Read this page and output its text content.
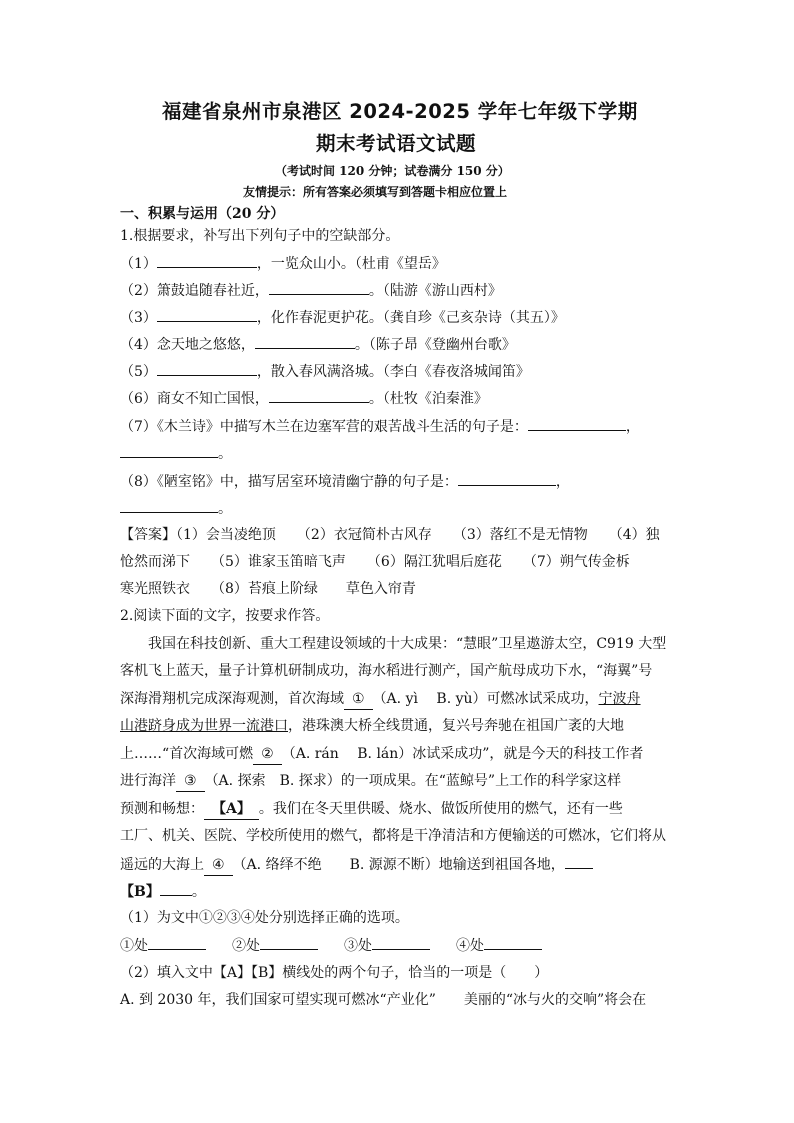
福建省泉州市泉港区 2024-2025 学年七年级下学期
期末考试语文试题
（考试时间 120 分钟；试卷满分 150 分）
友情提示：所有答案必须填写到答题卡相应位置上
一、积累与运用（20 分）
1.根据要求，补写出下列句子中的空缺部分。
（1）	，一览众山小。（杜甫《望岳》
（2）箫鼓追随春社近，	。（陆游《游山西村》
（3）	，化作春泥更护花。（龚自珍《己亥杂诗（其五）》
（4）念天地之悠悠，	。（陈子昂《登幽州台歌》
（5）	，散入春风满洛城。（李白《春夜洛城闻笛》
（6）商女不知亡国恨，	。（杜牧《泊秦淮》
（7）《木兰诗》中描写木兰在边塞军营的艰苦战斗生活的句子是：	，
。
（8）《陋室铭》中，描写居室环境清幽宁静的句子是：	，
。
【答案】（1）会当凌绝顶　　（2）衣冠简朴古风存　　（3）落红不是无情物　　（4）独
怆然而涕下　　（5）谁家玉笛暗飞声　　（6）隔江犹唱后庭花　　（7）朔气传金柝
寒光照铁衣　　（8）苔痕上阶绿　　草色入帘青
2.阅读下面的文字，按要求作答。
我国在科技创新、重大工程建设领域的十大成果：“慧眼”卫星遨游太空，C919 大型
客机飞上蓝天，量子计算机研制成功，海水稻进行测产，国产航母成功下水，“海翼”号
深海滑翔机完成深海观测，首次海域 ① （A. yì　 B. yù）可燃冰试采成功，宁波舟
山港跻身成为世界一流港口，港珠澳大桥全线贯通，复兴号奔驰在祖国广袤的大地
上……“首次海域可燃 ② （A. rán　 B. lán）冰试采成功”，就是今天的科技工作者
进行海洋 ③ （A. 探索　B. 探求）的一项成果。在“蓝鲸号”上工作的科学家这样
预测和畅想： 【A】 。我们在冬天里供暖、烧水、做饭所使用的燃气，还有一些
工厂、机关、医院、学校所使用的燃气，都将是干净清洁和方便输送的可燃冰，它们将从
遥远的大海上 ④ （A. 络绎不绝　　B. 源源不断）地输送到祖国各地，
【B】 。
（1）为文中①②③④处分别选择正确的选项。
①处	②处	③处	④处
（2）填入文中【A】【B】横线处的两个句子，恰当的一项是（　　）
A. 到 2030 年，我们国家可望实现可燃冰“产业化”　　美丽的“冰与火的交响”将会在
